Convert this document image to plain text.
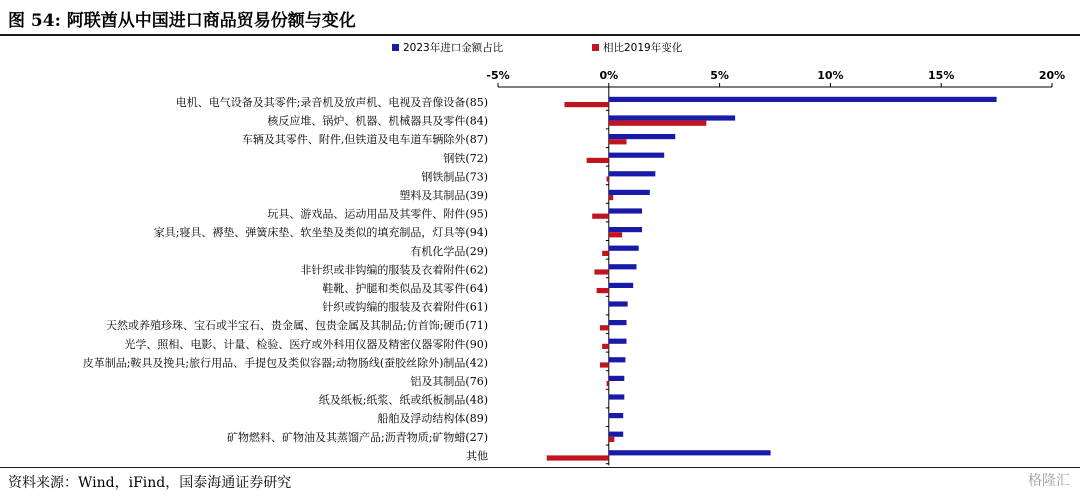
图 54: 阿联酋从中国进口商品贸易份额与变化
2023年进口金额占比	相比2019年变化
-5%	0%	5%	10%	15%	20%
电机、电气设备及其零件;录音机及放声机、电视及音像设备(85)
核反应堆、锅炉、机器、机械器具及零件(84)
车辆及其零件、附件,但铁道及电车道车辆除外(87)
钢铁(72)
钢铁制品(73)
塑料及其制品(39)
玩具、游戏品、运动用品及其零件、附件(95)
家具;寝具、褥垫、弹簧床垫、软坐垫及类似的填充制品，灯具等(94)
有机化学品(29)
非针织或非钩编的服装及衣着附件(62)
鞋靴、护腿和类似品及其零件(64)
针织或钩编的服装及衣着附件(61)
天然或养殖珍珠、宝石或半宝石、贵金属、包贵金属及其制品;仿首饰;硬币(71)
光学、照相、电影、计量、检验、医疗或外科用仪器及精密仪器零附件(90)
皮革制品;鞍具及挽具;旅行用品、手提包及类似容器;动物肠线(蚕胶丝除外)制品(42)
铝及其制品(76)
纸及纸板;纸浆、纸或纸板制品(48)
船舶及浮动结构体(89)
矿物燃料、矿物油及其蒸馏产品;沥青物质;矿物蜡(27)
其他
资料来源：Wind，iFind，国泰海通证券研究	格隆汇
